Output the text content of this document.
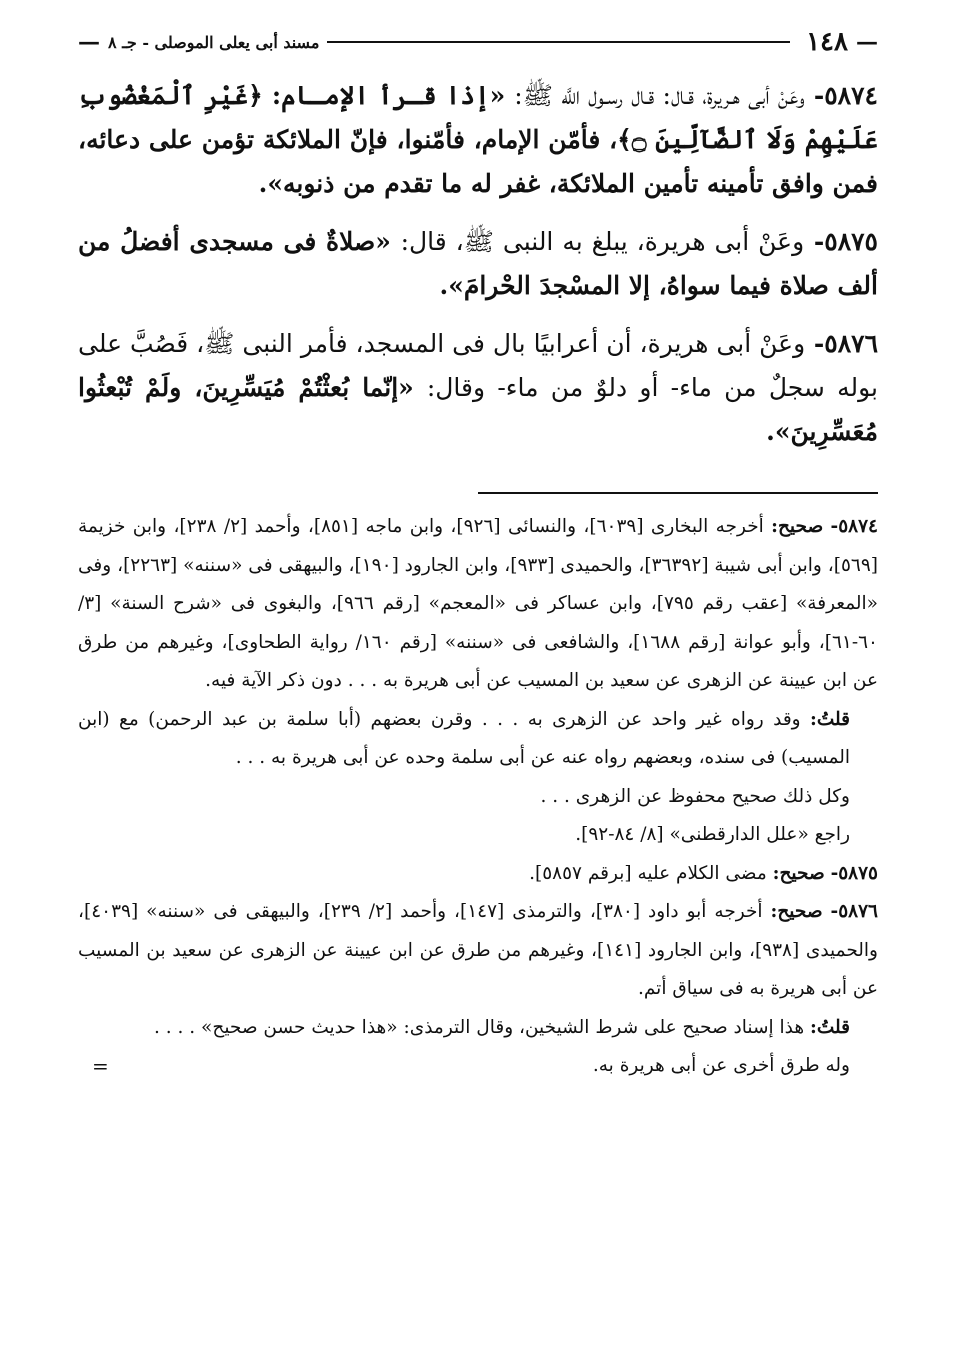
—
١٤٨
مسند أبى يعلى الموصلى - جـ ٨
—

٥٨٧٤- وعَنْ أبى هـريرة، قـال: قـال رسـول اللَّه ﷺ: «إذا قـرأ الإمـام: ﴿غَيْرِ ٱلْمَغْضُوبِ عَلَيْهِمْ وَلَا ٱلضَّآلِّينَ ۝﴾، فأمّن الإمام، فأمّنوا، فإنّ الملائكة تؤمن على دعائه، فمن وافق تأمينه تأمين الملائكة، غفر له ما تقدم من ذنوبه».

٥٨٧٥- وعَنْ أبى هريرة، يبلغ به النبى ﷺ، قال: «صلاةٌ فى مسجدى أفضلُ من ألف صلاة فيما سواهُ، إلا المسْجدَ الحْرامَ».

٥٨٧٦- وعَنْ أبى هريرة، أن أعرابيًا بال فى المسجد، فأمر النبى ﷺ، فَصُبَّ على بوله سجلٌ من ماء- أو دلوٌ من ماء- وقال: «إنّما بُعثْتُمْ مُيَسِّرِينَ، ولَمْ تُبْعثُوا مُعَسِّرِينَ».

٥٨٧٤- صحيح: أخرجه البخارى [٦٠٣٩]، والنسائى [٩٢٦]، وابن ماجه [٨٥١]، وأحمد [٢/ ٢٣٨]، وابن خزيمة [٥٦٩]، وابن أبى شيبة [٣٦٣٩٢]، والحميدى [٩٣٣]، وابن الجارود [١٩٠]، والبيهقى فى «سننه» [٢٢٦٣]، وفى «المعرفة» [عقب رقم ٧٩٥]، وابن عساكر فى «المعجم» [رقم ٩٦٦]، والبغوى فى «شرح السنة» [٣/ ٦٠-٦١]، وأبو عوانة [رقم ١٦٨٨]، والشافعى فى «سننه» [رقم ١٦٠/ رواية الطحاوى]، وغيرهم من طرق عن ابن عيينة عن الزهرى عن سعيد بن المسيب عن أبى هريرة به . . . دون ذكر الآية فيه.

قلتُ: وقد رواه غير واحد عن الزهرى به . . . وقرن بعضهم (أبا سلمة بن عبد الرحمن) مع (ابن المسيب) فى سنده، وبعضهم رواه عنه عن أبى سلمة وحده عن أبى هريرة به . . .

وكل ذلك صحيح محفوظ عن الزهرى . . .

راجع «علل الدارقطنى» [٨/ ٨٤-٩٢].

٥٨٧٥- صحيح: مضى الكلام عليه [برقم ٥٨٥٧].

٥٨٧٦- صحيح: أخرجه أبو داود [٣٨٠]، والترمذى [١٤٧]، وأحمد [٢/ ٢٣٩]، والبيهقى فى «سننه» [٤٠٣٩]، والحميدى [٩٣٨]، وابن الجارود [١٤١]، وغيرهم من طرق عن ابن عيينة عن الزهرى عن سعيد بن المسيب عن أبى هريرة به فى سياق أتم.

قلتُ: هذا إسناد صحيح على شرط الشيخين، وقال الترمذى: «هذا حديث حسن صحيح» . . . .

وله طرق أخرى عن أبى هريرة به.
=
